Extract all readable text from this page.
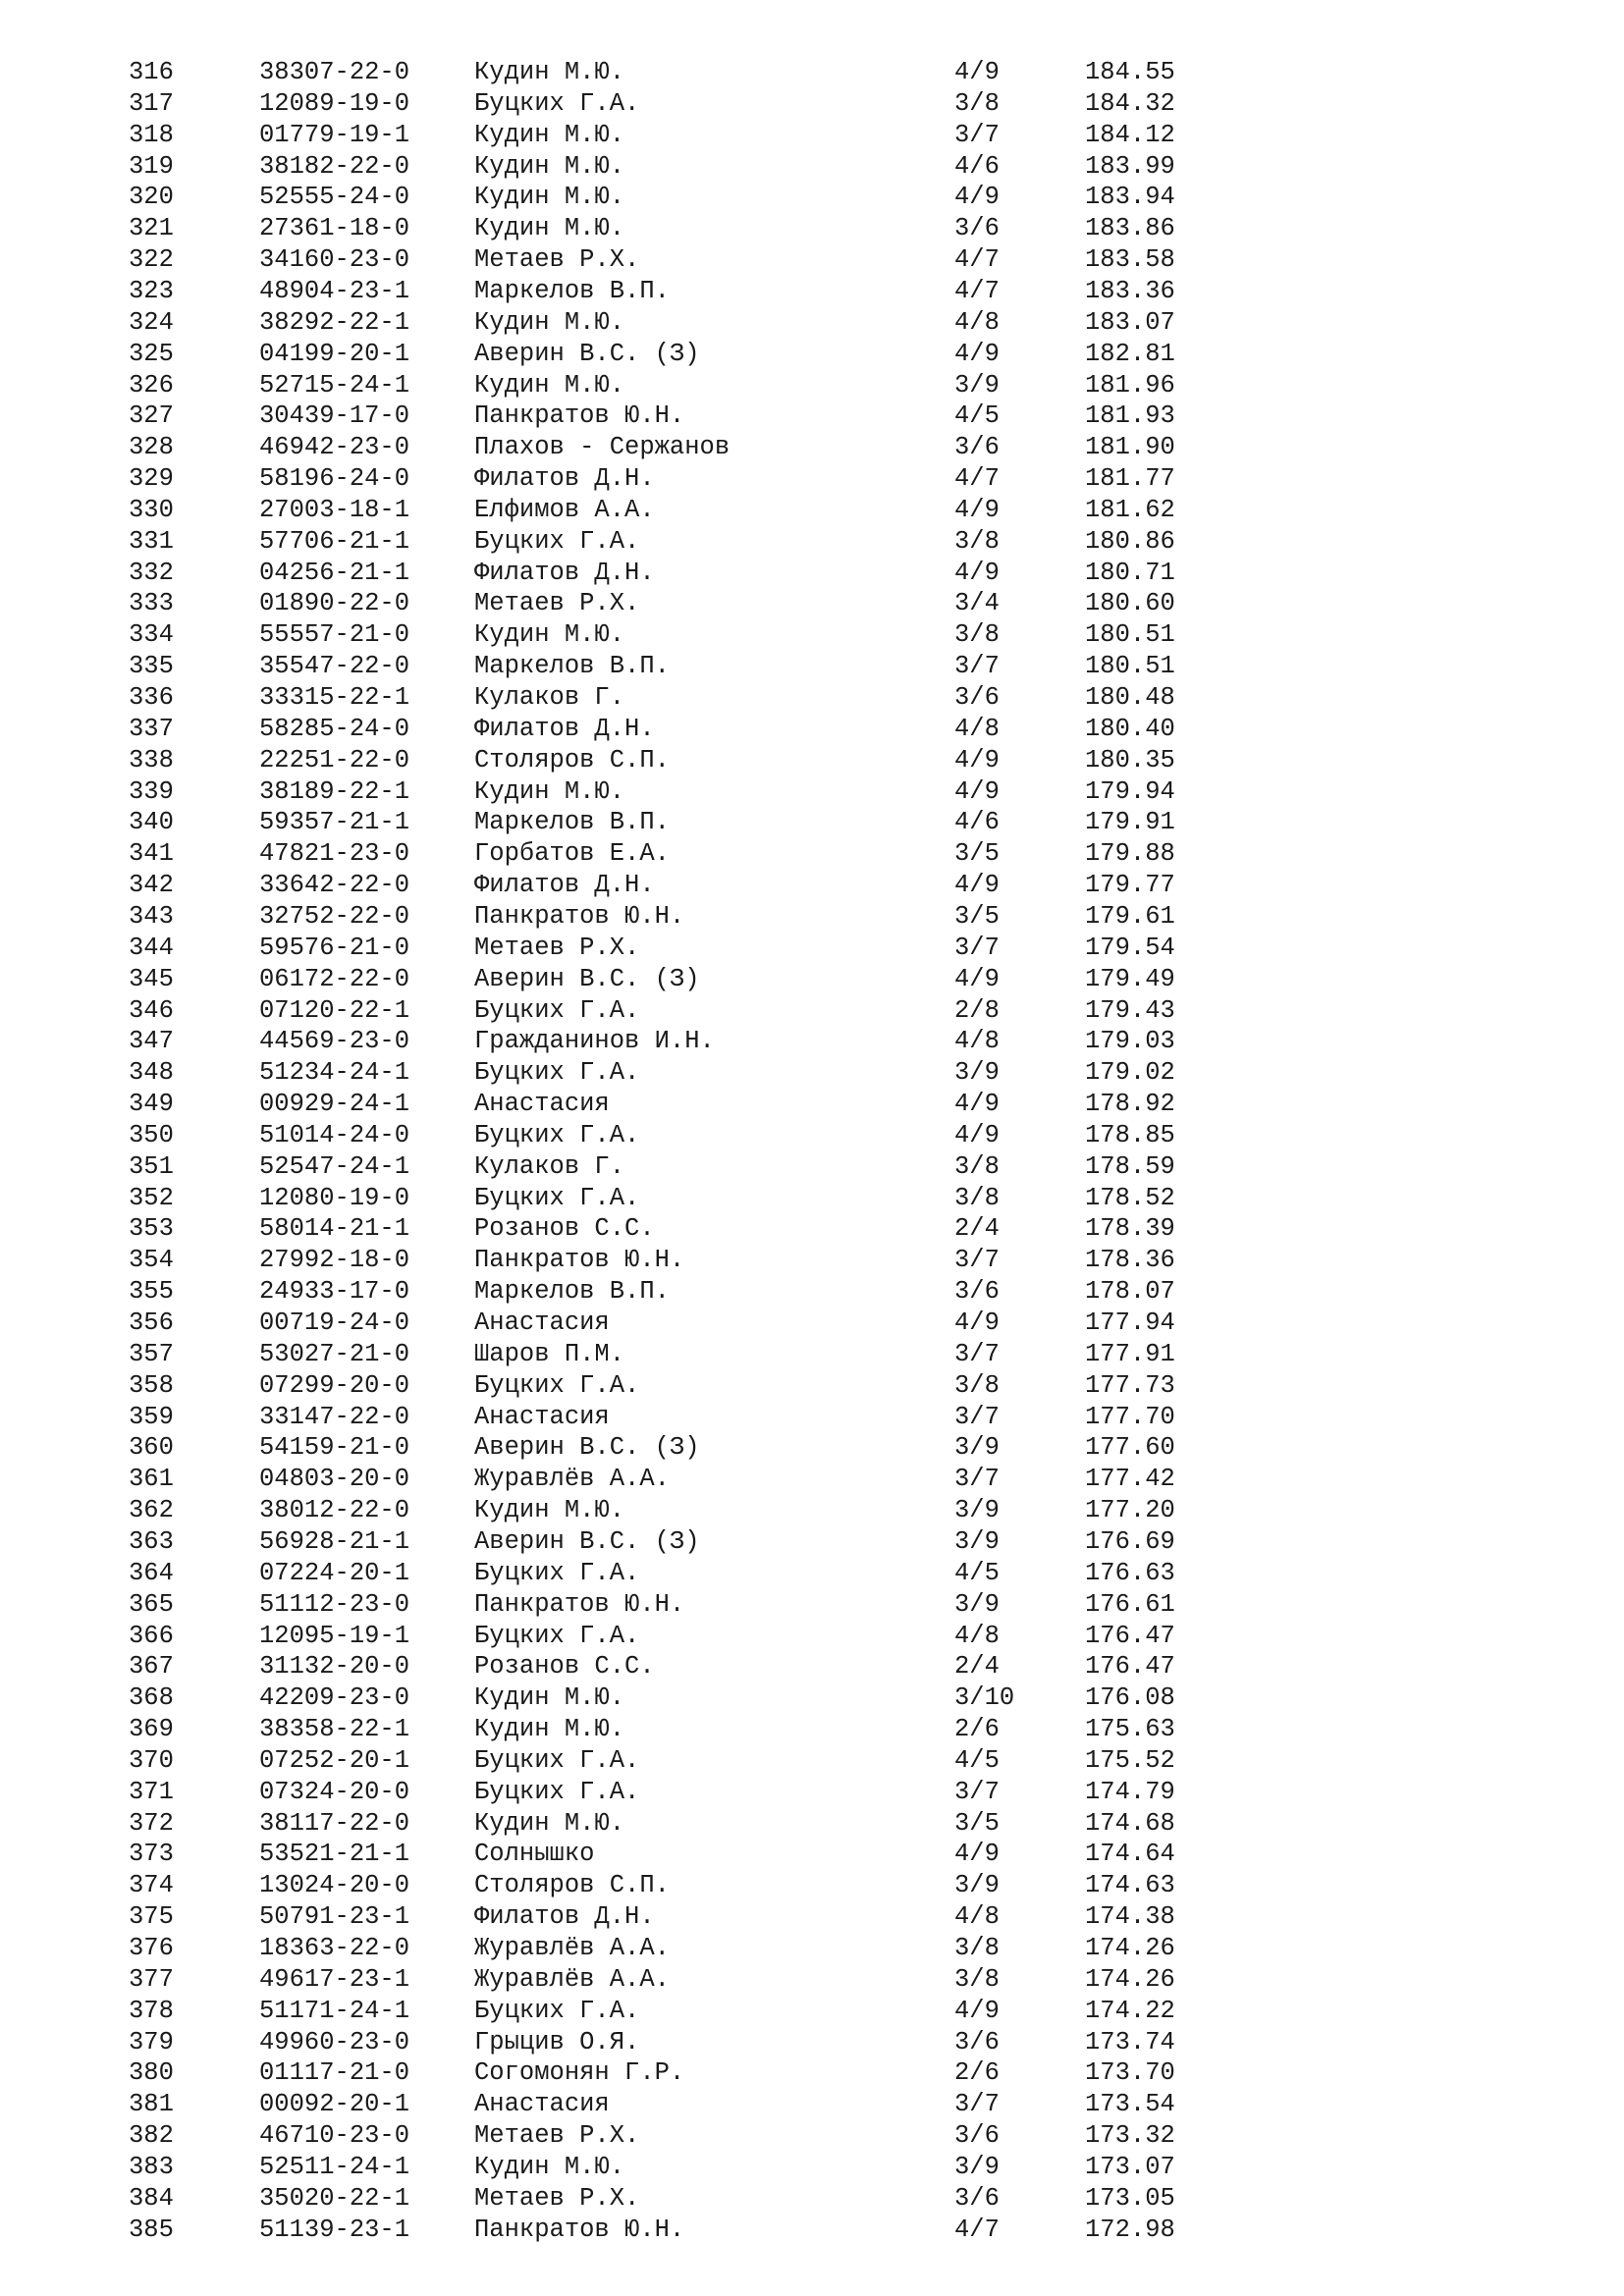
316	38307-22-0	Кудин М.Ю.	4/9	184.55
317	12089-19-0	Буцких Г.А.	3/8	184.32
318	01779-19-1	Кудин М.Ю.	3/7	184.12
319	38182-22-0	Кудин М.Ю.	4/6	183.99
320	52555-24-0	Кудин М.Ю.	4/9	183.94
321	27361-18-0	Кудин М.Ю.	3/6	183.86
322	34160-23-0	Метаев Р.Х.	4/7	183.58
323	48904-23-1	Маркелов В.П.	4/7	183.36
324	38292-22-1	Кудин М.Ю.	4/8	183.07
325	04199-20-1	Аверин В.С. (З)	4/9	182.81
326	52715-24-1	Кудин М.Ю.	3/9	181.96
327	30439-17-0	Панкратов Ю.Н.	4/5	181.93
328	46942-23-0	Плахов - Сержанов	3/6	181.90
329	58196-24-0	Филатов Д.Н.	4/7	181.77
330	27003-18-1	Елфимов А.А.	4/9	181.62
331	57706-21-1	Буцких Г.А.	3/8	180.86
332	04256-21-1	Филатов Д.Н.	4/9	180.71
333	01890-22-0	Метаев Р.Х.	3/4	180.60
334	55557-21-0	Кудин М.Ю.	3/8	180.51
335	35547-22-0	Маркелов В.П.	3/7	180.51
336	33315-22-1	Кулаков Г.	3/6	180.48
337	58285-24-0	Филатов Д.Н.	4/8	180.40
338	22251-22-0	Столяров С.П.	4/9	180.35
339	38189-22-1	Кудин М.Ю.	4/9	179.94
340	59357-21-1	Маркелов В.П.	4/6	179.91
341	47821-23-0	Горбатов Е.А.	3/5	179.88
342	33642-22-0	Филатов Д.Н.	4/9	179.77
343	32752-22-0	Панкратов Ю.Н.	3/5	179.61
344	59576-21-0	Метаев Р.Х.	3/7	179.54
345	06172-22-0	Аверин В.С. (З)	4/9	179.49
346	07120-22-1	Буцких Г.А.	2/8	179.43
347	44569-23-0	Гражданинов И.Н.	4/8	179.03
348	51234-24-1	Буцких Г.А.	3/9	179.02
349	00929-24-1	Анастасия	4/9	178.92
350	51014-24-0	Буцких Г.А.	4/9	178.85
351	52547-24-1	Кулаков Г.	3/8	178.59
352	12080-19-0	Буцких Г.А.	3/8	178.52
353	58014-21-1	Розанов С.С.	2/4	178.39
354	27992-18-0	Панкратов Ю.Н.	3/7	178.36
355	24933-17-0	Маркелов В.П.	3/6	178.07
356	00719-24-0	Анастасия	4/9	177.94
357	53027-21-0	Шаров П.М.	3/7	177.91
358	07299-20-0	Буцких Г.А.	3/8	177.73
359	33147-22-0	Анастасия	3/7	177.70
360	54159-21-0	Аверин В.С. (З)	3/9	177.60
361	04803-20-0	Журавлёв А.А.	3/7	177.42
362	38012-22-0	Кудин М.Ю.	3/9	177.20
363	56928-21-1	Аверин В.С. (З)	3/9	176.69
364	07224-20-1	Буцких Г.А.	4/5	176.63
365	51112-23-0	Панкратов Ю.Н.	3/9	176.61
366	12095-19-1	Буцких Г.А.	4/8	176.47
367	31132-20-0	Розанов С.С.	2/4	176.47
368	42209-23-0	Кудин М.Ю.	3/10	176.08
369	38358-22-1	Кудин М.Ю.	2/6	175.63
370	07252-20-1	Буцких Г.А.	4/5	175.52
371	07324-20-0	Буцких Г.А.	3/7	174.79
372	38117-22-0	Кудин М.Ю.	3/5	174.68
373	53521-21-1	Солнышко	4/9	174.64
374	13024-20-0	Столяров С.П.	3/9	174.63
375	50791-23-1	Филатов Д.Н.	4/8	174.38
376	18363-22-0	Журавлёв А.А.	3/8	174.26
377	49617-23-1	Журавлёв А.А.	3/8	174.26
378	51171-24-1	Буцких Г.А.	4/9	174.22
379	49960-23-0	Грыцив О.Я.	3/6	173.74
380	01117-21-0	Согомонян Г.Р.	2/6	173.70
381	00092-20-1	Анастасия	3/7	173.54
382	46710-23-0	Метаев Р.Х.	3/6	173.32
383	52511-24-1	Кудин М.Ю.	3/9	173.07
384	35020-22-1	Метаев Р.Х.	3/6	173.05
385	51139-23-1	Панкратов Ю.Н.	4/7	172.98
